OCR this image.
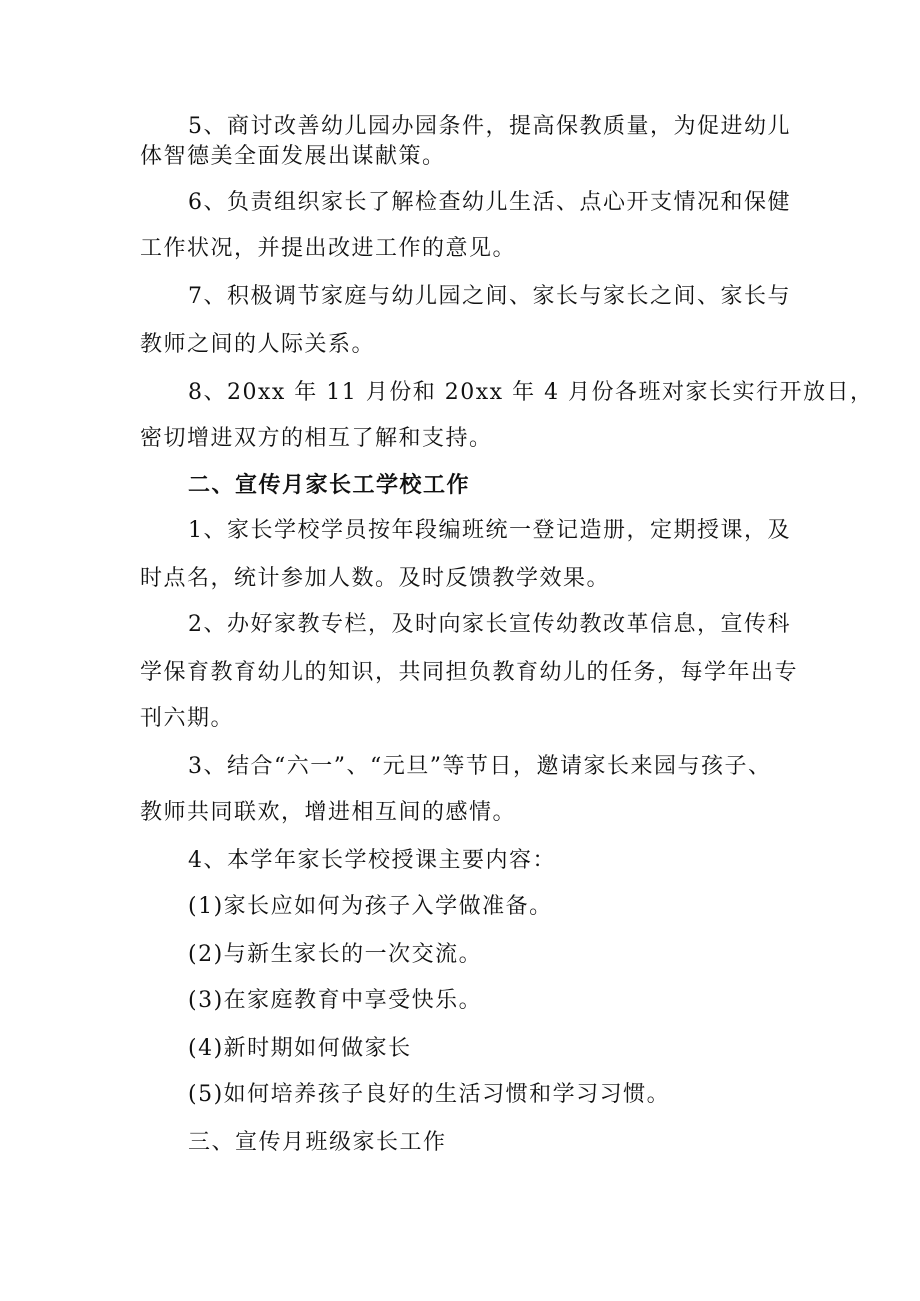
5、商讨改善幼儿园办园条件，提高保教质量，为促进幼儿
体智德美全面发展出谋献策。
6、负责组织家长了解检查幼儿生活、点心开支情况和保健
工作状况，并提出改进工作的意见。
7、积极调节家庭与幼儿园之间、家长与家长之间、家长与
教师之间的人际关系。
8、20xx 年 11 月份和 20xx 年 4 月份各班对家长实行开放日，
密切增进双方的相互了解和支持。
二、宣传月家长工学校工作
1、家长学校学员按年段编班统一登记造册，定期授课，及
时点名，统计参加人数。及时反馈教学效果。
2、办好家教专栏，及时向家长宣传幼教改革信息，宣传科
学保育教育幼儿的知识，共同担负教育幼儿的任务，每学年出专
刊六期。
3、结合“六一”、“元旦”等节日，邀请家长来园与孩子、
教师共同联欢，增进相互间的感情。
4、本学年家长学校授课主要内容：
(1)家长应如何为孩子入学做准备。
(2)与新生家长的一次交流。
(3)在家庭教育中享受快乐。
(4)新时期如何做家长
(5)如何培养孩子良好的生活习惯和学习习惯。
三、宣传月班级家长工作
